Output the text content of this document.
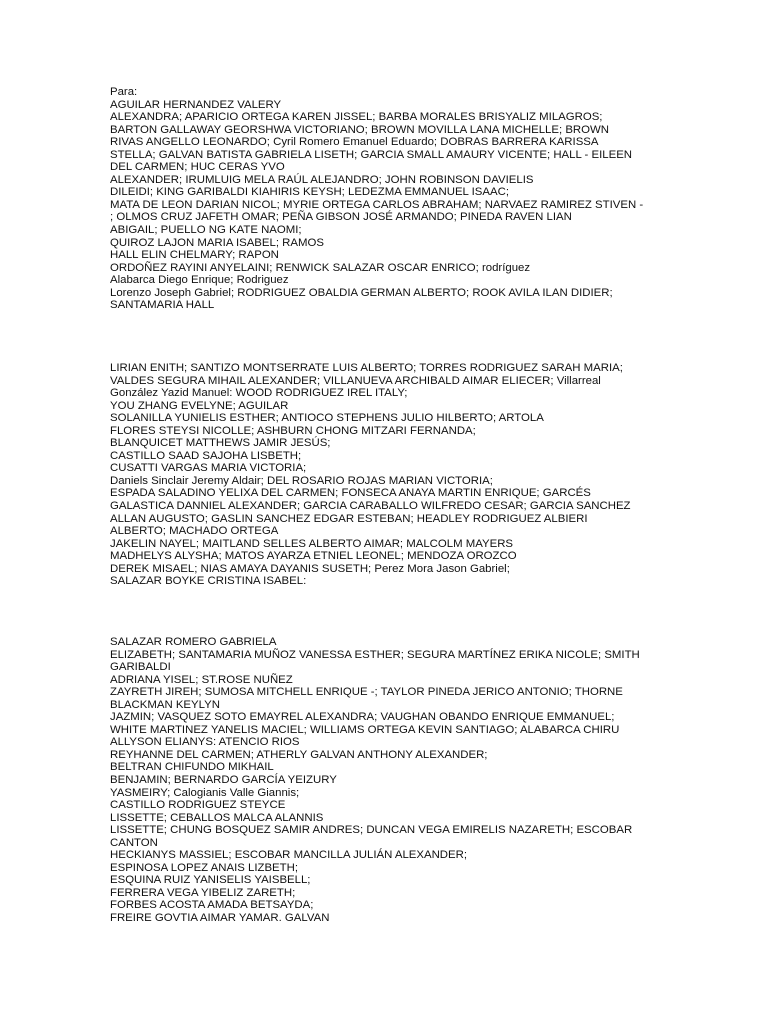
Para:
AGUILAR HERNANDEZ VALERY
ALEXANDRA; APARICIO ORTEGA KAREN JISSEL; BARBA MORALES BRISYALIZ MILAGROS;
BARTON GALLAWAY GEORSHWA VICTORIANO; BROWN MOVILLA LANA MICHELLE; BROWN
RIVAS ANGELLO LEONARDO; Cyril Romero Emanuel Eduardo; DOBRAS BARRERA KARISSA
STELLA; GALVAN BATISTA GABRIELA LISETH; GARCIA SMALL AMAURY VICENTE; HALL - EILEEN
DEL CARMEN; HUC CERAS YVO
ALEXANDER; IRUMLUIG MELA RAÚL ALEJANDRO; JOHN ROBINSON DAVIELIS
DILEIDI; KING GARIBALDI KIAHIRIS KEYSH; LEDEZMA EMMANUEL ISAAC;
MATA DE LEON DARIAN NICOL; MYRIE ORTEGA CARLOS ABRAHAM; NARVAEZ RAMIREZ STIVEN -
; OLMOS CRUZ JAFETH OMAR; PEÑA GIBSON JOSÉ ARMANDO; PINEDA RAVEN LIAN
ABIGAIL; PUELLO NG KATE NAOMI;
QUIROZ LAJON MARIA ISABEL; RAMOS
HALL ELIN CHELMARY; RAPON
ORDOÑEZ RAYINI ANYELAINI; RENWICK SALAZAR OSCAR ENRICO; rodríguez
Alabarca Diego Enrique; Rodriguez
Lorenzo Joseph Gabriel; RODRIGUEZ OBALDIA GERMAN ALBERTO; ROOK AVILA ILAN DIDIER;
SANTAMARIA HALL
LIRIAN ENITH; SANTIZO MONTSERRATE LUIS ALBERTO; TORRES RODRIGUEZ SARAH MARIA;
VALDES SEGURA MIHAIL ALEXANDER; VILLANUEVA ARCHIBALD AIMAR ELIECER; Villarreal
González Yazid Manuel: WOOD RODRIGUEZ IREL ITALY;
YOU ZHANG EVELYNE; AGUILAR
SOLANILLA YUNIELIS ESTHER; ANTIOCO STEPHENS JULIO HILBERTO; ARTOLA
FLORES STEYSI NICOLLE; ASHBURN CHONG MITZARI FERNANDA;
BLANQUICET MATTHEWS JAMIR JESÚS;
CASTILLO SAAD SAJOHA LISBETH;
CUSATTI VARGAS MARIA VICTORIA;
Daniels Sinclair Jeremy Aldair; DEL ROSARIO ROJAS MARIAN VICTORIA;
ESPADA SALADINO YELIXA DEL CARMEN; FONSECA ANAYA MARTIN ENRIQUE; GARCÉS
GALASTICA DANNIEL ALEXANDER; GARCIA CARABALLO WILFREDO CESAR; GARCIA SANCHEZ
ALLAN AUGUSTO; GASLIN SANCHEZ EDGAR ESTEBAN; HEADLEY RODRIGUEZ ALBIERI
ALBERTO; MACHADO ORTEGA
JAKELIN NAYEL; MAITLAND SELLES ALBERTO AIMAR; MALCOLM MAYERS
MADHELYS ALYSHA; MATOS AYARZA ETNIEL LEONEL; MENDOZA OROZCO
DEREK MISAEL; NIAS AMAYA DAYANIS SUSETH; Perez Mora Jason Gabriel;
SALAZAR BOYKE CRISTINA ISABEL:
SALAZAR ROMERO GABRIELA
ELIZABETH; SANTAMARIA MUÑOZ VANESSA ESTHER; SEGURA MARTÍNEZ ERIKA NICOLE; SMITH
GARIBALDI
ADRIANA YISEL; ST.ROSE NUÑEZ
ZAYRETH JIREH; SUMOSA MITCHELL ENRIQUE -; TAYLOR PINEDA JERICO ANTONIO; THORNE
BLACKMAN KEYLYN
JAZMIN; VASQUEZ SOTO EMAYREL ALEXANDRA; VAUGHAN OBANDO ENRIQUE EMMANUEL;
WHITE MARTINEZ YANELIS MACIEL; WILLIAMS ORTEGA KEVIN SANTIAGO; ALABARCA CHIRU
ALLYSON ELIANYS: ATENCIO RIOS
REYHANNE DEL CARMEN; ATHERLY GALVAN ANTHONY ALEXANDER;
BELTRAN CHIFUNDO MIKHAIL
BENJAMIN; BERNARDO GARCÍA YEIZURY
YASMEIRY; Calogianis Valle Giannis;
CASTILLO RODRIGUEZ STEYCE
LISSETTE; CEBALLOS MALCA ALANNIS
LISSETTE; CHUNG BOSQUEZ SAMIR ANDRES; DUNCAN VEGA EMIRELIS NAZARETH; ESCOBAR
CANTON
HECKIANYS MASSIEL; ESCOBAR MANCILLA JULIÁN ALEXANDER;
ESPINOSA LOPEZ ANAIS LIZBETH;
ESQUINA RUIZ YANISELIS YAISBELL;
FERRERA VEGA YIBELIZ ZARETH;
FORBES ACOSTA AMADA BETSAYDA;
FREIRE GOVTIA AIMAR YAMAR. GALVAN
